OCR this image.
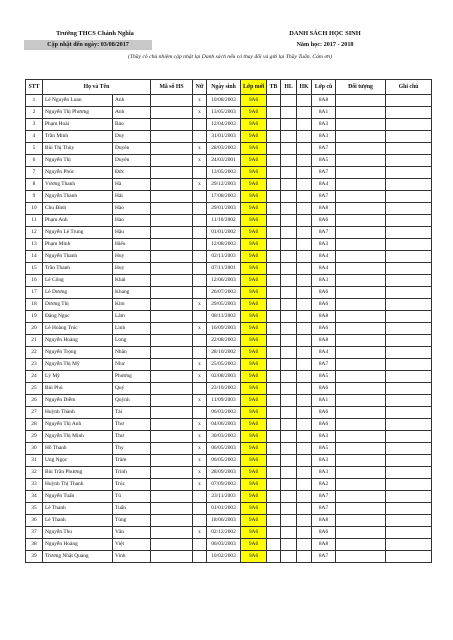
Trường THCS Chánh Nghĩa
Cập nhật đến ngày: 03/08/2017
DANH SÁCH HỌC SINH
Năm học: 2017 - 2018
(Thầy cô chủ nhiệm cập nhật lại Danh sách nếu có thay đổi và gửi lại Thầy Tuấn. Cám ơn)
STT	Họ và Tên		Mã số HS	Nữ	Ngày sinh	Lớp mới	TB	HL	HK	Lớp cũ	Đối tượng	Ghi chú
1	Lê Nguyễn Loan	Anh		x	10/08/2003	9A6				8A8		
2	Nguyễn Thị Phương	Anh		x	13/05/2003	9A6				8A1		
3	Phạm Hoài	Bảo			12/04/2003	9A6				8A3		
4	Trần Minh	Duy			31/01/2003	9A6				8A3		
5	Bùi Thị Thùy	Duyên		x	28/03/2003	9A6				8A7		
6	Nguyễn Thị	Duyên		x	24/03/2001	9A6				8A5		
7	Nguyễn Phúc	Đức			13/05/2003	9A6				8A7		
8	Vương Thanh	Hà		x	29/12/2003	9A6				8A4		
9	Nguyễn Thanh	Hải			17/08/2003	9A6				8A7		
10	Chu Đình	Hào			29/01/2003	9A6				8A8		
11	Phạm Anh	Hào			11/10/2002	9A6				8A6		
12	Nguyễn Lê Trung	Hậu			01/01/2002	9A6				8A7		
13	Phạm Minh	Hiếu			12/08/2003	9A6				8A3		
14	Nguyễn Thanh	Huy			02/11/2003	9A6				8A4		
15	Trần Thanh	Huy			07/11/2001	9A6				8A4		
16	Lê Công	Khải			12/06/2003	9A6				8A3		
17	Lê Dương	Khang			26/07/2003	9A6				8A6		
18	Dương Thị	Kim		x	29/05/2003	9A6				8A6		
19	Đặng Ngọc	Lâm			08/11/2003	9A6				8A8		
20	Lê Hoàng Trúc	Linh		x	16/09/2003	9A6				8A6		
21	Nguyễn Hoàng	Long			22/08/2003	9A6				8A8		
22	Nguyễn Trọng	Nhân			28/10/2002	9A6				8A4		
23	Nguyễn Thị Mỹ	Như		x	25/05/2003	9A6				8A7		
24	Lý Mỹ	Phương		x	02/08/2003	9A6				8A5		
25	Bùi Phú	Quý			23/10/2003	9A6				8A6		
26	Nguyễn Diễm	Quỳnh		x	11/09/2003	9A6				8A1		
27	Huỳnh Thành	Tài			06/03/2003	9A6				8A6		
28	Nguyễn Thị Anh	Thư		x	04/06/2003	9A6				8A6		
29	Nguyễn Thị Minh	Thư		x	30/03/2003	9A6				8A3		
30	Hồ Thanh	Thy		x	06/05/2003	9A6				8A5		
31	Ung Ngọc	Trâm		x	06/05/2003	9A6				8A3		
32	Bùi Trần Phương	Trinh		x	28/09/2003	9A6				8A3		
33	Huỳnh Thị Thanh	Trúc		x	07/09/2003	9A6				8A2		
34	Nguyễn Tuấn	Tú			23/11/2003	9A6				8A7		
35	Lê Thanh	Tuấn			01/01/2003	9A6				8A7		
36	Lê Thanh	Tùng			18/06/2003	9A6				8A8		
37	Nguyễn Thu	Vân		x	02/12/2002	9A6				8A6		
38	Nguyễn Hoàng	Việt			06/03/2003	9A6				8A8		
39	Trương Nhật Quang	Vinh			10/02/2003	9A6				8A7		
